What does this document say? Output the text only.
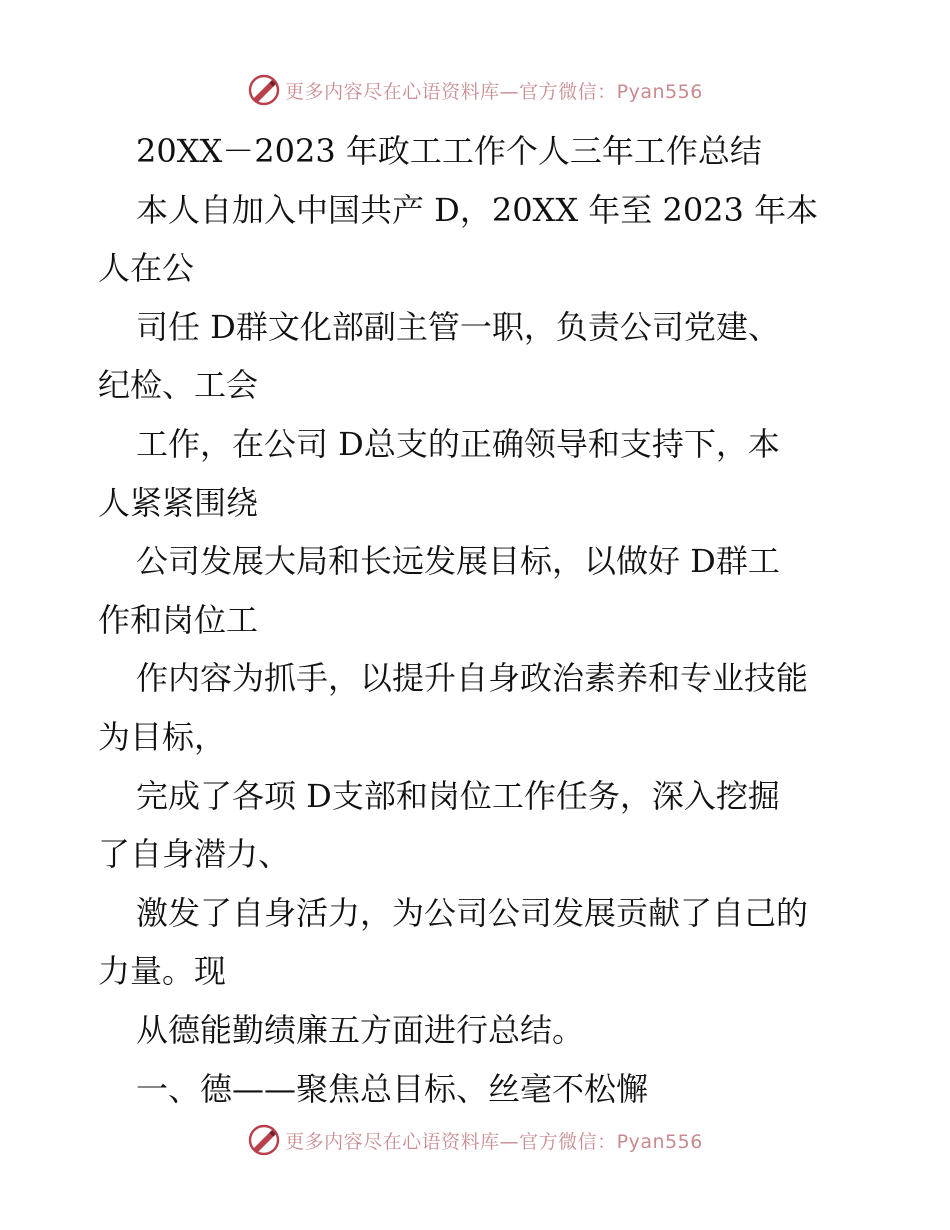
更多内容尽在心语资料库—官方微信：Pyan556
20XX－2023 年政工工作个人三年工作总结
本人自加入中国共产 D，20XX 年至 2023 年本
人在公
司任 D群文化部副主管一职，负责公司党建、
纪检、工会
工作，在公司 D总支的正确领导和支持下，本
人紧紧围绕
公司发展大局和长远发展目标，以做好 D群工
作和岗位工
作内容为抓手，以提升自身政治素养和专业技能
为目标，
完成了各项 D支部和岗位工作任务，深入挖掘
了自身潜力、
激发了自身活力，为公司公司发展贡献了自己的
力量。现
从德能勤绩廉五方面进行总结。
一、德——聚焦总目标、丝毫不松懈
更多内容尽在心语资料库—官方微信：Pyan556
